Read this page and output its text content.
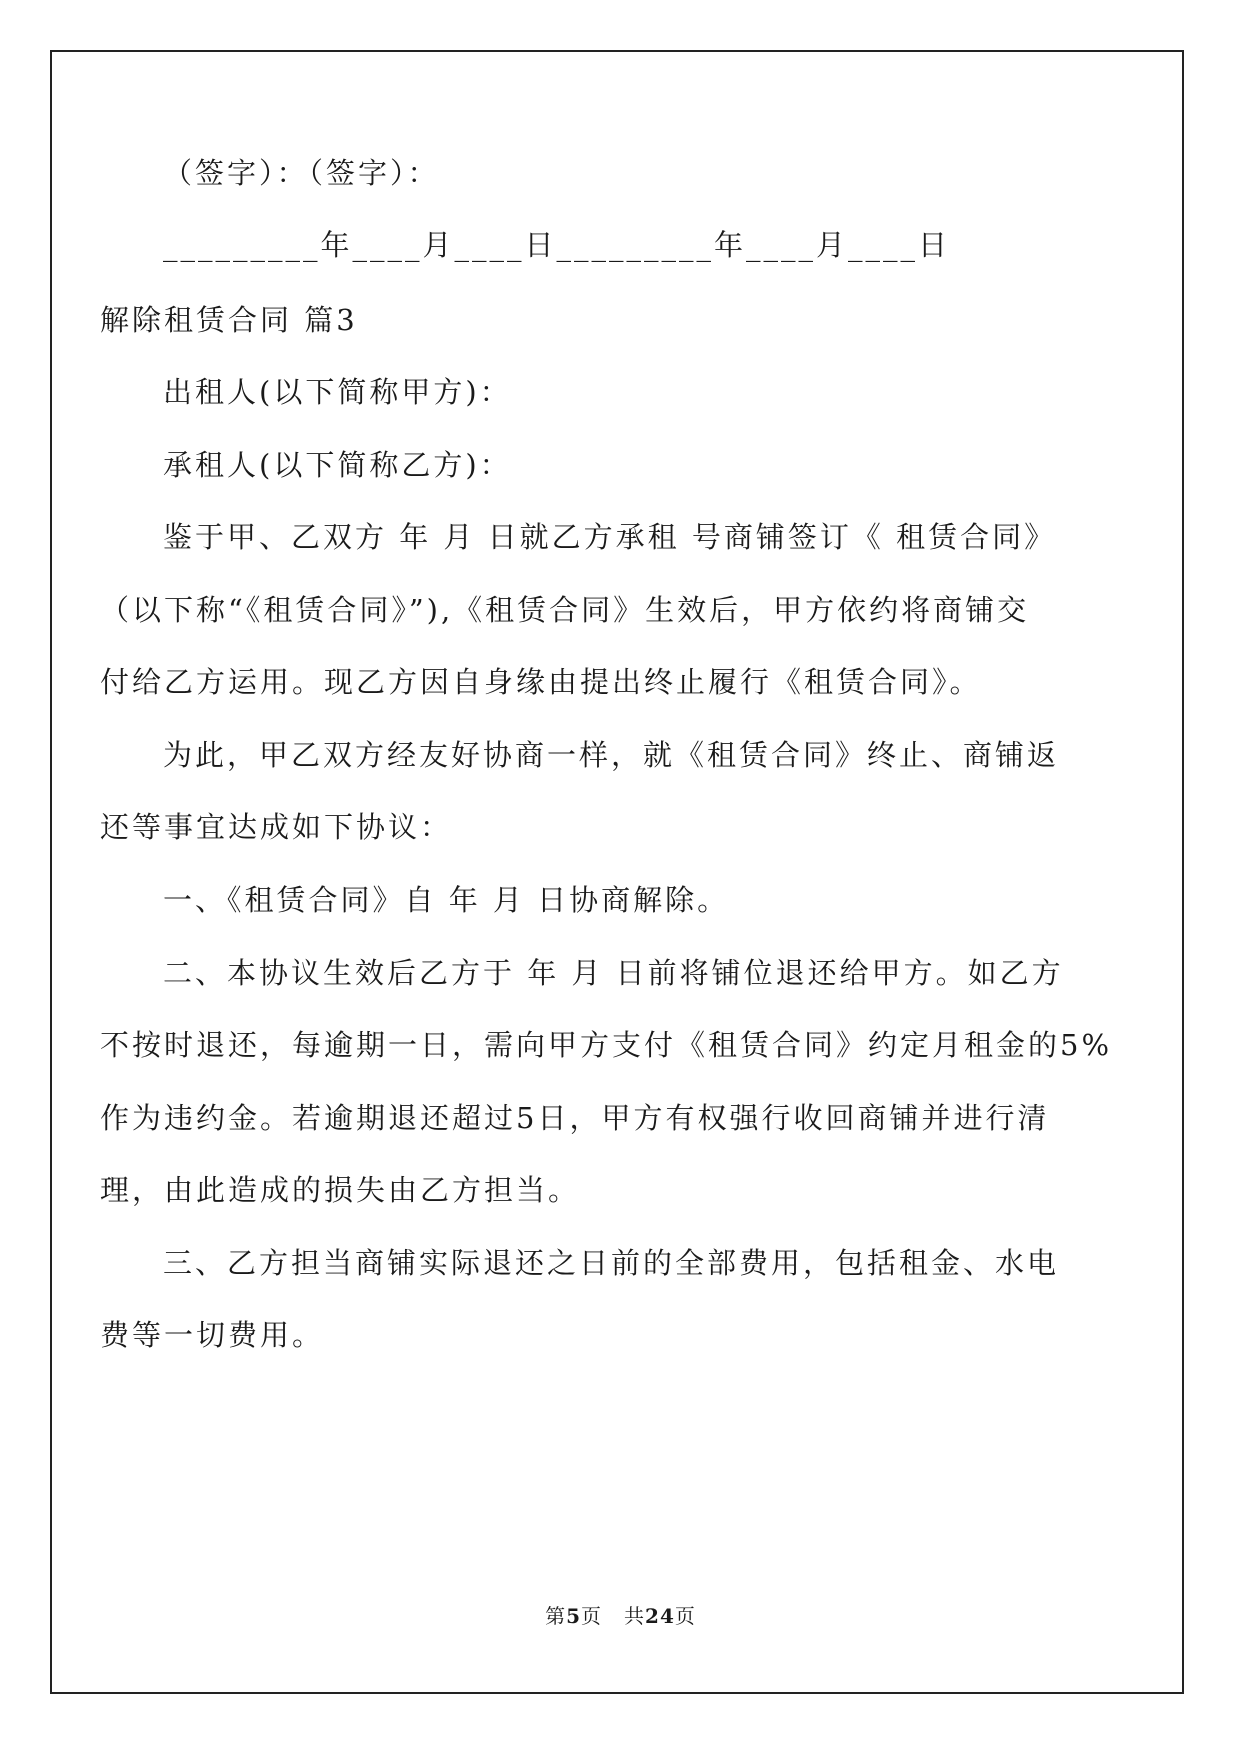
（签字）：（签字）：
_________年____月____日_________年____月____日
解除租赁合同 篇3
出租人(以下简称甲方)：
承租人(以下简称乙方)：
鉴于甲、乙双方 年 月 日就乙方承租 号商铺签订《 租赁合同》
（以下称“《租赁合同》”),《租赁合同》生效后，甲方依约将商铺交
付给乙方运用。现乙方因自身缘由提出终止履行《租赁合同》。
为此，甲乙双方经友好协商一样，就《租赁合同》终止、商铺返
还等事宜达成如下协议：
一、《租赁合同》自 年 月 日协商解除。
二、本协议生效后乙方于 年 月 日前将铺位退还给甲方。如乙方
不按时退还，每逾期一日，需向甲方支付《租赁合同》约定月租金的5%
作为违约金。若逾期退还超过5日，甲方有权强行收回商铺并进行清
理，由此造成的损失由乙方担当。
三、乙方担当商铺实际退还之日前的全部费用，包括租金、水电
费等一切费用。
第5页 共24页
